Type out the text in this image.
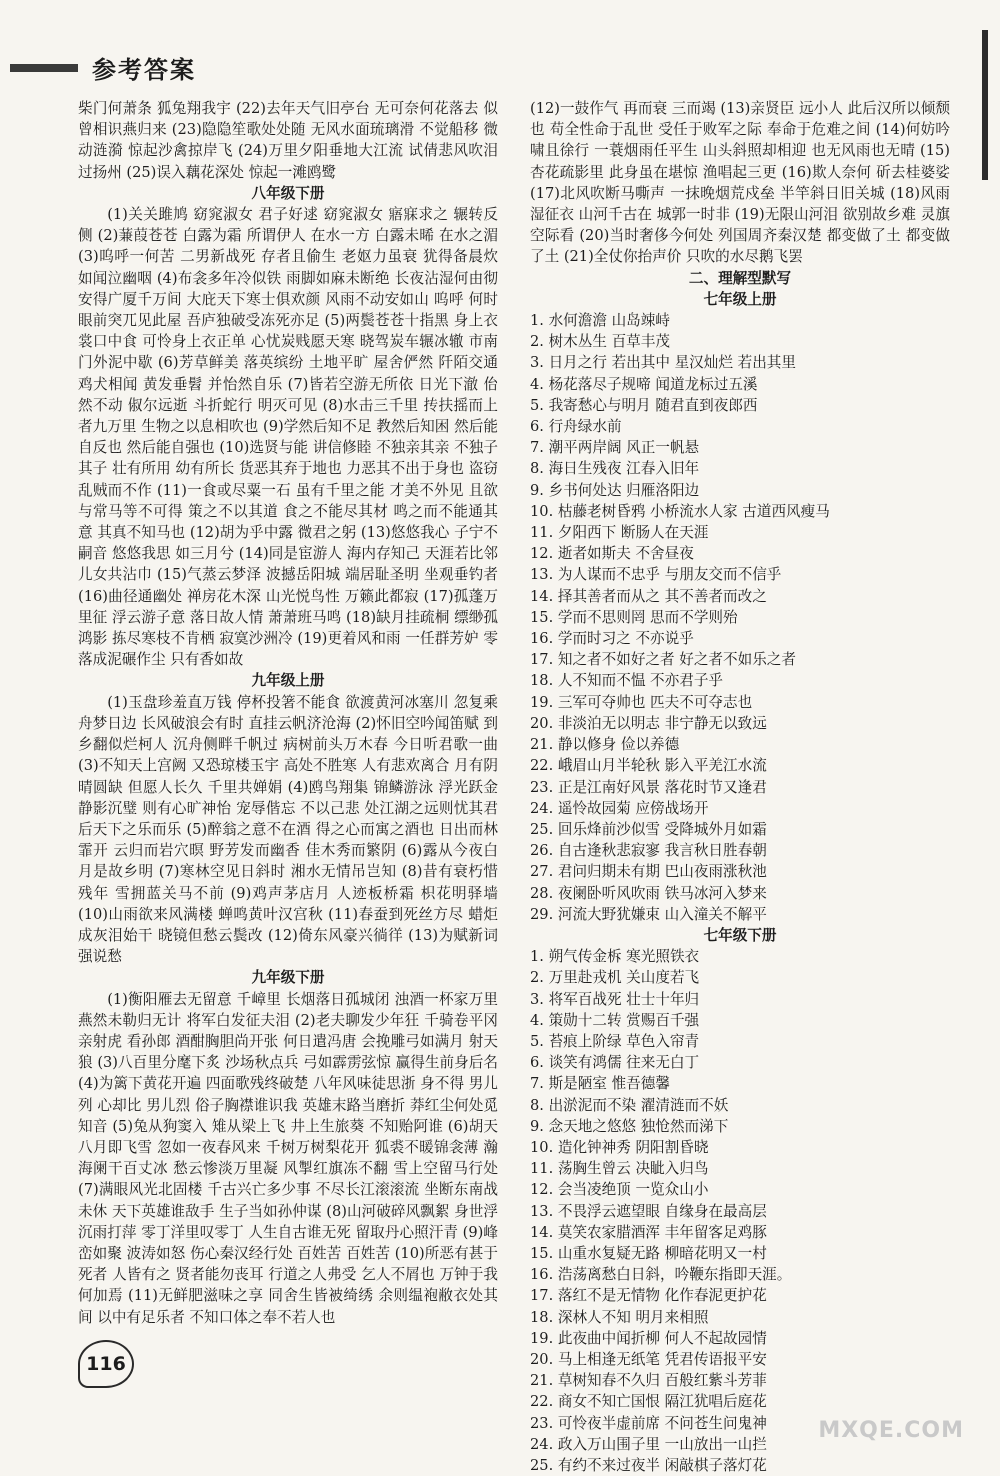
参考答案

柴门何萧条 狐兔翔我宇 (22)去年天气旧亭台 无可奈何花落去 似曾相识燕归来 (23)隐隐笙歌处处随 无风水面琉璃滑 不觉船移 微动涟漪 惊起沙禽掠岸飞 (24)万里夕阳垂地大江流 试倩悲风吹泪过扬州 (25)误入藕花深处 惊起一滩鸥鹭

八年级下册

(1)关关雎鸠 窈窕淑女 君子好逑 窈窕淑女 寤寐求之 辗转反侧 (2)蒹葭苍苍 白露为霜 所谓伊人 在水一方 白露未晞 在水之湄 (3)呜呼一何苦 二男新战死 存者且偷生 老妪力虽衰 犹得备晨炊 如闻泣幽咽 (4)布衾多年冷似铁 雨脚如麻未断绝 长夜沾湿何由彻 安得广厦千万间 大庇天下寒士俱欢颜 风雨不动安如山 呜呼 何时眼前突兀见此屋 吾庐独破受冻死亦足 (5)两鬓苍苍十指黑 身上衣裳口中食 可怜身上衣正单 心忧炭贱愿天寒 晓驾炭车辗冰辙 市南门外泥中歇 (6)芳草鲜美 落英缤纷 土地平旷 屋舍俨然 阡陌交通 鸡犬相闻 黄发垂髫 并怡然自乐 (7)皆若空游无所依 日光下澈 佁然不动 俶尔远逝 斗折蛇行 明灭可见 (8)水击三千里 抟扶摇而上者九万里 生物之以息相吹也 (9)学然后知不足 教然后知困 然后能自反也 然后能自强也 (10)选贤与能 讲信修睦 不独亲其亲 不独子其子 壮有所用 幼有所长 货恶其弃于地也 力恶其不出于身也 盗窃乱贼而不作 (11)一食或尽粟一石 虽有千里之能 才美不外见 且欲与常马等不可得 策之不以其道 食之不能尽其材 鸣之而不能通其意 其真不知马也 (12)胡为乎中露 微君之躬 (13)悠悠我心 子宁不嗣音 悠悠我思 如三月兮 (14)同是宦游人 海内存知己 天涯若比邻 儿女共沾巾 (15)气蒸云梦泽 波撼岳阳城 端居耻圣明 坐观垂钓者 (16)曲径通幽处 禅房花木深 山光悦鸟性 万籁此都寂 (17)孤蓬万里征 浮云游子意 落日故人情 萧萧班马鸣 (18)缺月挂疏桐 缥缈孤鸿影 拣尽寒枝不肯栖 寂寞沙洲冷 (19)更着风和雨 一任群芳妒 零落成泥碾作尘 只有香如故

九年级上册

(1)玉盘珍羞直万钱 停杯投箸不能食 欲渡黄河冰塞川 忽复乘舟梦日边 长风破浪会有时 直挂云帆济沧海 (2)怀旧空吟闻笛赋 到乡翻似烂柯人 沉舟侧畔千帆过 病树前头万木春 今日听君歌一曲 (3)不知天上宫阙 又恐琼楼玉宇 高处不胜寒 人有悲欢离合 月有阴晴圆缺 但愿人长久 千里共婵娟 (4)鸥鸟翔集 锦鳞游泳 浮光跃金 静影沉璧 则有心旷神怡 宠辱偕忘 不以己悲 处江湖之远则忧其君 后天下之乐而乐 (5)醉翁之意不在酒 得之心而寓之酒也 日出而林霏开 云归而岩穴暝 野芳发而幽香 佳木秀而繁阴 (6)露从今夜白 月是故乡明 (7)寒林空见日斜时 湘水无情吊岂知 (8)昔有衰朽惜残年 雪拥蓝关马不前 (9)鸡声茅店月 人迹板桥霜 枳花明驿墙 (10)山雨欲来风满楼 蝉鸣黄叶汉宫秋 (11)春蚕到死丝方尽 蜡炬成灰泪始干 晓镜但愁云鬓改 (12)倚东风豪兴徜徉 (13)为赋新词强说愁

九年级下册

(1)衡阳雁去无留意 千嶂里 长烟落日孤城闭 浊酒一杯家万里 燕然未勒归无计 将军白发征夫泪 (2)老夫聊发少年狂 千骑卷平冈 亲射虎 看孙郎 酒酣胸胆尚开张 何日遣冯唐 会挽雕弓如满月 射天狼 (3)八百里分麾下炙 沙场秋点兵 弓如霹雳弦惊 赢得生前身后名 (4)为篱下黄花开遍 四面歌残终破楚 八年风味徒思浙 身不得 男儿列 心却比 男儿烈 俗子胸襟谁识我 英雄末路当磨折 莽红尘何处觅知音 (5)兔从狗窦入 雉从梁上飞 井上生旅葵 不知贻阿谁 (6)胡天八月即飞雪 忽如一夜春风来 千树万树梨花开 狐裘不暖锦衾薄 瀚海阑干百丈冰 愁云惨淡万里凝 风掣红旗冻不翻 雪上空留马行处 (7)满眼风光北固楼 千古兴亡多少事 不尽长江滚滚流 坐断东南战未休 天下英雄谁敌手 生子当如孙仲谋 (8)山河破碎风飘絮 身世浮沉雨打萍 零丁洋里叹零丁 人生自古谁无死 留取丹心照汗青 (9)峰峦如聚 波涛如怒 伤心秦汉经行处 百姓苦 百姓苦 (10)所恶有甚于死者 人皆有之 贤者能勿丧耳 行道之人弗受 乞人不屑也 万钟于我何加焉 (11)无鲜肥滋味之享 同舍生皆被绮绣 余则缊袍敝衣处其间 以中有足乐者 不知口体之奉不若人也

(12)一鼓作气 再而衰 三而竭 (13)亲贤臣 远小人 此后汉所以倾颓也 苟全性命于乱世 受任于败军之际 奉命于危难之间 (14)何妨吟啸且徐行 一蓑烟雨任平生 山头斜照却相迎 也无风雨也无晴 (15)杏花疏影里 此身虽在堪惊 渔唱起三更 (16)欺人奈何 斫去桂婆娑 (17)北风吹断马嘶声 一抹晚烟荒戍垒 半竿斜日旧关城 (18)风雨湿征衣 山河千古在 城郭一时非 (19)无限山河泪 欲别故乡难 灵旗空际看 (20)当时奢侈今何处 列国周齐秦汉楚 都变做了土 都变做了土 (21)全仗你抬声价 只吹的水尽鹅飞罢

二、理解型默写

七年级上册

1. 水何澹澹 山岛竦峙

2. 树木丛生 百草丰茂

3. 日月之行 若出其中 星汉灿烂 若出其里

4. 杨花落尽子规啼 闻道龙标过五溪

5. 我寄愁心与明月 随君直到夜郎西

6. 行舟绿水前

7. 潮平两岸阔 风正一帆悬

8. 海日生残夜 江春入旧年

9. 乡书何处达 归雁洛阳边

10. 枯藤老树昏鸦 小桥流水人家 古道西风瘦马

11. 夕阳西下 断肠人在天涯

12. 逝者如斯夫 不舍昼夜

13. 为人谋而不忠乎 与朋友交而不信乎

14. 择其善者而从之 其不善者而改之

15. 学而不思则罔 思而不学则殆

16. 学而时习之 不亦说乎

17. 知之者不如好之者 好之者不如乐之者

18. 人不知而不愠 不亦君子乎

19. 三军可夺帅也 匹夫不可夺志也

20. 非淡泊无以明志 非宁静无以致远

21. 静以修身 俭以养德

22. 峨眉山月半轮秋 影入平羌江水流

23. 正是江南好风景 落花时节又逢君

24. 遥怜故园菊 应傍战场开

25. 回乐烽前沙似雪 受降城外月如霜

26. 自古逢秋悲寂寥 我言秋日胜春朝

27. 君问归期未有期 巴山夜雨涨秋池

28. 夜阑卧听风吹雨 铁马冰河入梦来

29. 河流大野犹嫌束 山入潼关不解平

七年级下册

1. 朔气传金柝 寒光照铁衣

2. 万里赴戎机 关山度若飞

3. 将军百战死 壮士十年归

4. 策勋十二转 赏赐百千强

5. 苔痕上阶绿 草色入帘青

6. 谈笑有鸿儒 往来无白丁

7. 斯是陋室 惟吾德馨

8. 出淤泥而不染 濯清涟而不妖

9. 念天地之悠悠 独怆然而涕下

10. 造化钟神秀 阴阳割昏晓

11. 荡胸生曾云 决眦入归鸟

12. 会当凌绝顶 一览众山小

13. 不畏浮云遮望眼 自缘身在最高层

14. 莫笑农家腊酒浑 丰年留客足鸡豚

15. 山重水复疑无路 柳暗花明又一村

16. 浩荡离愁白日斜，吟鞭东指即天涯。

17. 落红不是无情物 化作春泥更护花

18. 深林人不知 明月来相照

19. 此夜曲中闻折柳 何人不起故园情

20. 马上相逢无纸笔 凭君传语报平安

21. 草树知春不久归 百般红紫斗芳菲

22. 商女不知亡国恨 隔江犹唱后庭花

23. 可怜夜半虚前席 不问苍生问鬼神

24. 政入万山围子里 一山放出一山拦

25. 有约不来过夜半 闲敲棋子落灯花

116
MXQE.COM
